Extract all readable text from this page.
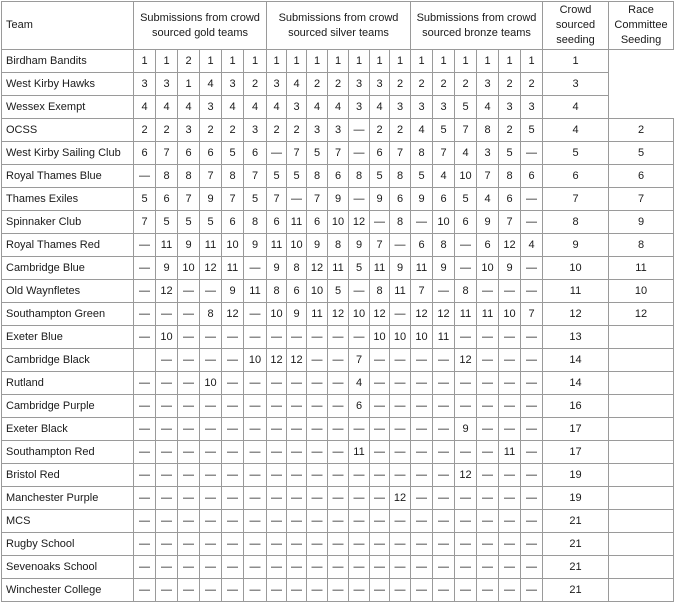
Team	Submissions from crowd sourced gold teams						Submissions from crowd sourced silver teams							Submissions from crowd sourced bronze teams						Crowd sourced seeding	Race Committee Seeding
Birdham Bandits	1	1	2	1	1	1	1	1	1	1	1	1	1	1	1	1	1	1	1	1	
West Kirby Hawks	3	3	1	4	3	2	3	4	2	2	3	3	2	2	2	2	3	2	2	3	
Wessex Exempt	4	4	4	3	4	4	4	3	4	4	3	4	3	3	3	5	4	3	3	4	
OCSS	2	2	3	2	2	3	2	2	3	3	—	2	2	4	5	7	8	2	5	4	2
West Kirby Sailing Club	6	7	6	6	5	6	—	7	5	7	—	6	7	8	7	4	3	5	—	5	5
Royal Thames Blue	—	8	8	7	8	7	5	5	8	6	8	5	8	5	4	10	7	8	6	6	6
Thames Exiles	5	6	7	9	7	5	7	—	7	9	—	9	6	9	6	5	4	6	—	7	7
Spinnaker Club	7	5	5	5	6	8	6	11	6	10	12	—	8	—	10	6	9	7	—	8	9
Royal Thames Red	—	11	9	11	10	9	11	10	9	8	9	7	—	6	8	—	6	12	4	9	8
Cambridge Blue	—	9	10	12	11	—	9	8	12	11	5	11	9	11	9	—	10	9	—	10	11
Old Waynfletes	—	12	—	—	9	11	8	6	10	5	—	8	11	7	—	8	—	—	—	11	10
Southampton Green	—	—	—	8	12	—	10	9	11	12	10	12	—	12	12	11	11	10	7	12	12
Exeter Blue	—	10	—	—	—	—	—	—	—	—	—	10	10	10	11	—	—	—	—	13	
Cambridge Black		—	—	—	—	10	12	12	—	—	7	—	—	—	—	12	—	—	—	14	
Rutland	—	—	—	10	—	—	—	—	—	—	4	—	—	—	—	—	—	—	—	14	
Cambridge Purple	—	—	—	—	—	—	—	—	—	—	6	—	—	—	—	—	—	—	—	16	
Exeter Black	—	—	—	—	—	—	—	—	—	—	—	—	—	—	—	9	—	—	—	17	
Southampton Red	—	—	—	—	—	—	—	—	—	—	11	—	—	—	—	—	—	11	—	17	
Bristol Red	—	—	—	—	—	—	—	—	—	—	—	—	—	—	—	12	—	—	—	19	
Manchester Purple	—	—	—	—	—	—	—	—	—	—	—	—	12	—	—	—	—	—	—	19	
MCS	—	—	—	—	—	—	—	—	—	—	—	—	—	—	—	—	—	—	—	21	
Rugby School	—	—	—	—	—	—	—	—	—	—	—	—	—	—	—	—	—	—	—	21	
Sevenoaks School	—	—	—	—	—	—	—	—	—	—	—	—	—	—	—	—	—	—	—	21	
Winchester College	—	—	—	—	—	—	—	—	—	—	—	—	—	—	—	—	—	—	—	21	
